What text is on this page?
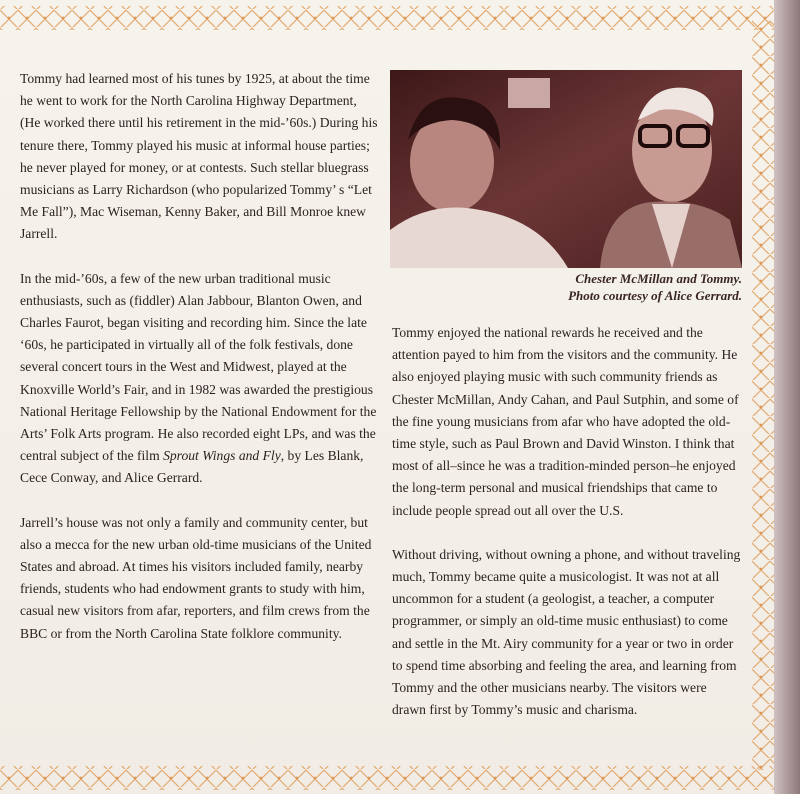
Tommy had learned most of his tunes by 1925, at about the time he went to work for the North Carolina Highway Department, (He worked there until his retirement in the mid-’60s.) During his tenure there, Tommy played his music at informal house parties; he never played for money, or at contests. Such stellar bluegrass musicians as Larry Richardson (who popularized Tommy’ s “Let Me Fall”), Mac Wiseman, Kenny Baker, and Bill Monroe knew Jarrell.

In the mid-’60s, a few of the new urban traditional music enthusiasts, such as (fiddler) Alan Jabbour, Blanton Owen, and Charles Faurot, began visiting and recording him. Since the late ‘60s, he participated in virtually all of the folk festivals, done several concert tours in the West and Midwest, played at the Knoxville World’s Fair, and in 1982 was awarded the prestigious National Heritage Fellowship by the National Endowment for the Arts’ Folk Arts program. He also recorded eight LPs, and was the central subject of the film Sprout Wings and Fly, by Les Blank, Cece Conway, and Alice Gerrard.

Jarrell’s house was not only a family and community center, but also a mecca for the new urban old-time musicians of the United States and abroad. At times his visitors included family, nearby friends, students who had endowment grants to study with him, casual new visitors from afar, reporters, and film crews from the BBC or from the North Carolina State folklore community.

Chester McMillan and Tommy.
Photo courtesy of Alice Gerrard.

Tommy enjoyed the national rewards he received and the attention payed to him from the visitors and the community. He also enjoyed playing music with such community friends as Chester McMillan, Andy Cahan, and Paul Sutphin, and some of the fine young musicians from afar who have adopted the old-time style, such as Paul Brown and David Winston. I think that most of all–since he was a tradition-minded person–he enjoyed the long-term personal and musical friendships that came to include people spread out all over the U.S.

Without driving, without owning a phone, and without traveling much, Tommy became quite a musicologist. It was not at all uncommon for a student (a geologist, a teacher, a computer programmer, or simply an old-time music enthusiast) to come and settle in the Mt. Airy community for a year or two in order to spend time absorbing and feeling the area, and learning from Tommy and the other musicians nearby. The visitors were drawn first by Tommy’s music and charisma.
